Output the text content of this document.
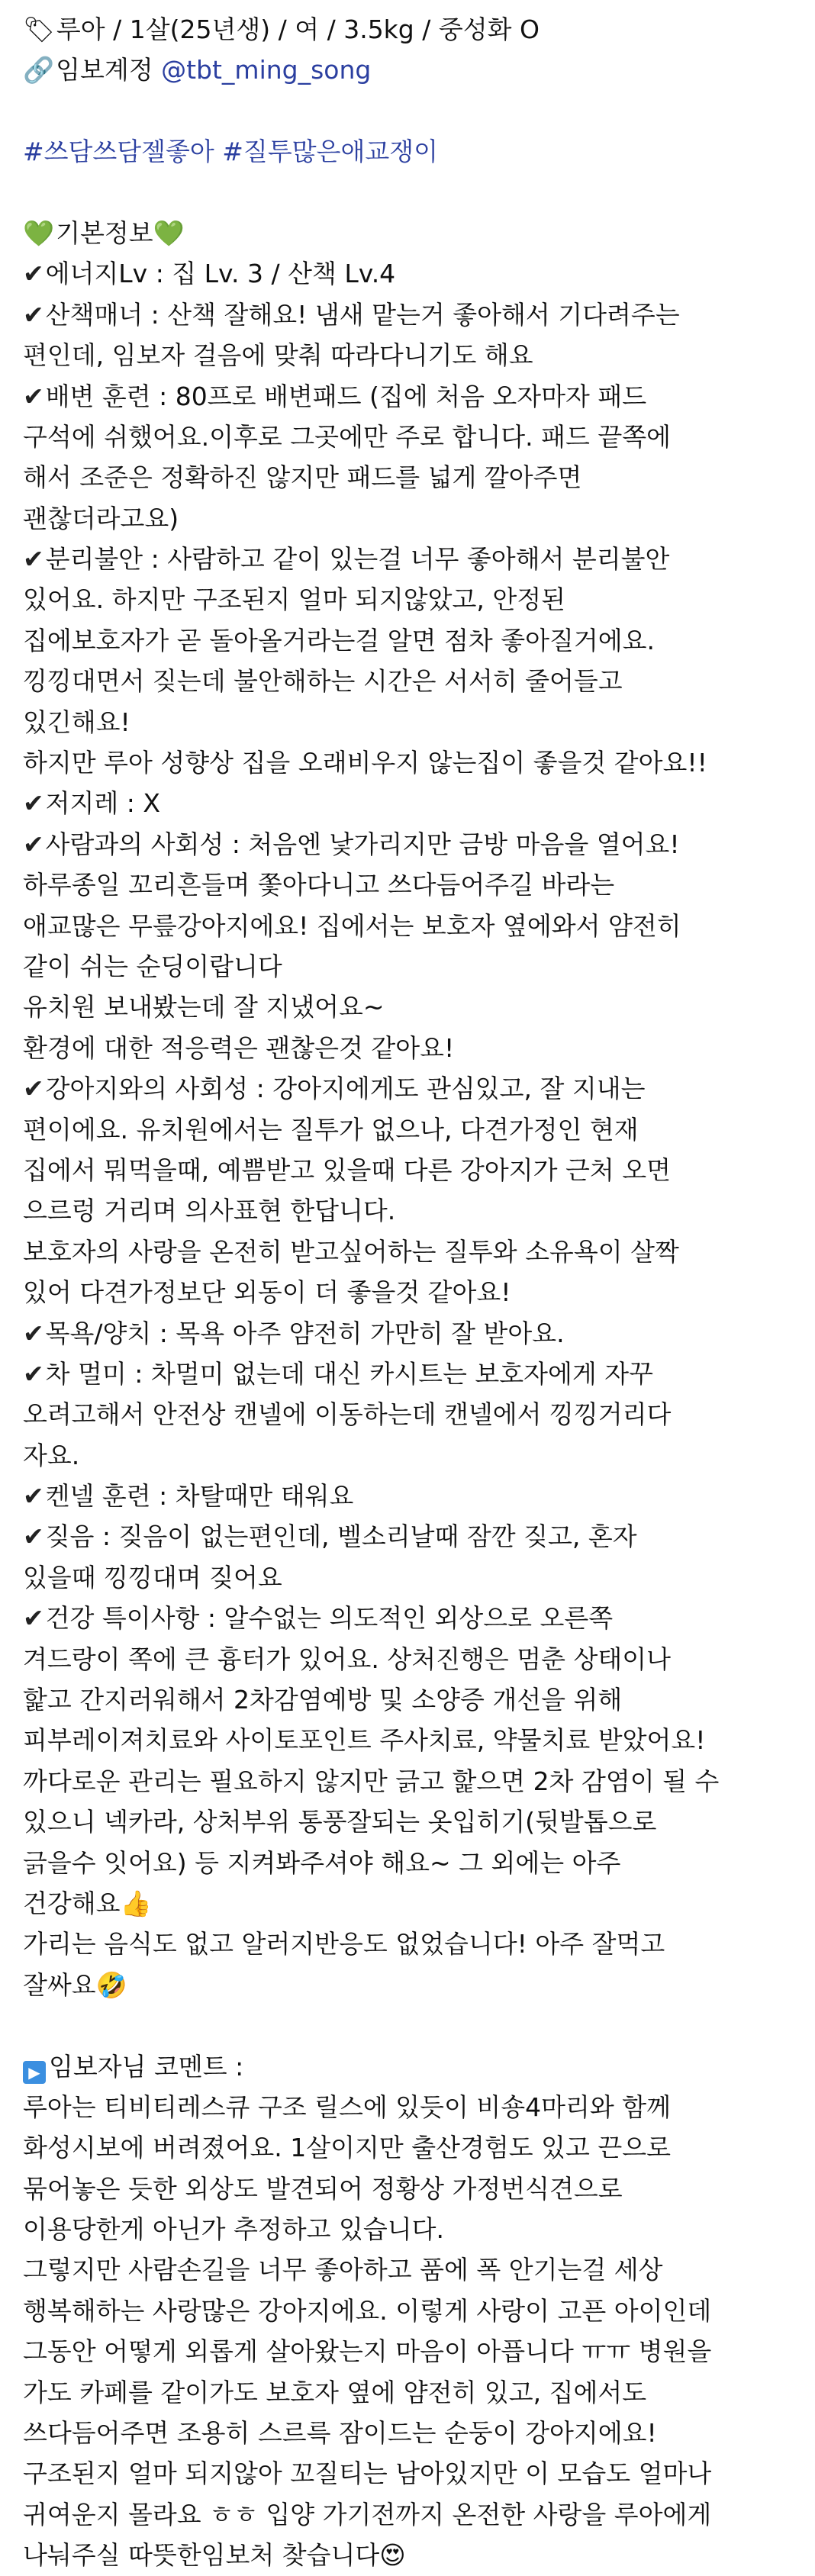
🏷루아 / 1살(25년생) / 여 / 3.5kg / 중성화 O
🔗임보계정 @tbt_ming_song
#쓰담쓰담젤좋아 #질투많은애교쟁이
💚기본정보💚
✔에너지Lv : 집 Lv. 3 / 산책 Lv.4
✔산책매너 : 산책 잘해요! 냄새 맡는거 좋아해서 기다려주는
편인데, 임보자 걸음에 맞춰 따라다니기도 해요
✔배변 훈련 : 80프로 배변패드 (집에 처음 오자마자 패드
구석에 쉬했어요.이후로 그곳에만 주로 합니다. 패드 끝쪽에
해서 조준은 정확하진 않지만 패드를 넓게 깔아주면
괜찮더라고요)
✔분리불안 : 사람하고 같이 있는걸 너무 좋아해서 분리불안
있어요. 하지만 구조된지 얼마 되지않았고, 안정된
집에보호자가 곧 돌아올거라는걸 알면 점차 좋아질거에요.
낑낑대면서 짖는데 불안해하는 시간은 서서히 줄어들고
있긴해요!
하지만 루아 성향상 집을 오래비우지 않는집이 좋을것 같아요!!
✔저지레 : X
✔사람과의 사회성 : 처음엔 낯가리지만 금방 마음을 열어요!
하루종일 꼬리흔들며 쫓아다니고 쓰다듬어주길 바라는
애교많은 무릎강아지에요! 집에서는 보호자 옆에와서 얌전히
같이 쉬는 순딩이랍니다
유치원 보내봤는데 잘 지냈어요~
환경에 대한 적응력은 괜찮은것 같아요!
✔강아지와의 사회성 : 강아지에게도 관심있고, 잘 지내는
편이에요. 유치원에서는 질투가 없으나, 다견가정인 현재
집에서 뭐먹을때, 예쁨받고 있을때 다른 강아지가 근처 오면
으르렁 거리며 의사표현 한답니다.
보호자의 사랑을 온전히 받고싶어하는 질투와 소유욕이 살짝
있어 다견가정보단 외동이 더 좋을것 같아요!
✔목욕/양치 : 목욕 아주 얌전히 가만히 잘 받아요.
✔차 멀미 : 차멀미 없는데 대신 카시트는 보호자에게 자꾸
오려고해서 안전상 캔넬에 이동하는데 캔넬에서 낑낑거리다
자요.
✔켄넬 훈련 : 차탈때만 태워요
✔짖음 : 짖음이 없는편인데, 벨소리날때 잠깐 짖고, 혼자
있을때 낑낑대며 짖어요
✔건강 특이사항 : 알수없는 의도적인 외상으로 오른쪽
겨드랑이 쪽에 큰 흉터가 있어요. 상처진행은 멈춘 상태이나
핥고 간지러워해서 2차감염예방 및 소양증 개선을 위해
피부레이져치료와 사이토포인트 주사치료, 약물치료 받았어요!
까다로운 관리는 필요하지 않지만 긁고 핥으면 2차 감염이 될 수
있으니 넥카라, 상처부위 통풍잘되는 옷입히기(뒷발톱으로
긁을수 잇어요) 등 지켜봐주셔야 해요~ 그 외에는 아주
건강해요👍
가리는 음식도 없고 알러지반응도 없었습니다! 아주 잘먹고
잘싸요🤣
▶ 임보자님 코멘트 :
루아는 티비티레스큐 구조 릴스에 있듯이 비숑4마리와 함께
화성시보에 버려졌어요. 1살이지만 출산경험도 있고 끈으로
묶어놓은 듯한 외상도 발견되어 정황상 가정번식견으로
이용당한게 아닌가 추정하고 있습니다.
그렇지만 사람손길을 너무 좋아하고 품에 폭 안기는걸 세상
행복해하는 사랑많은 강아지에요. 이렇게 사랑이 고픈 아이인데
그동안 어떻게 외롭게 살아왔는지 마음이 아픕니다 ㅠㅠ 병원을
가도 카페를 같이가도 보호자 옆에 얌전히 있고, 집에서도
쓰다듬어주면 조용히 스르륵 잠이드는 순둥이 강아지에요!
구조된지 얼마 되지않아 꼬질티는 남아있지만 이 모습도 얼마나
귀여운지 몰라요 ㅎㅎ 입양 가기전까지 온전한 사랑을 루아에게
나눠주실 따뜻한임보처 찾습니다😍
